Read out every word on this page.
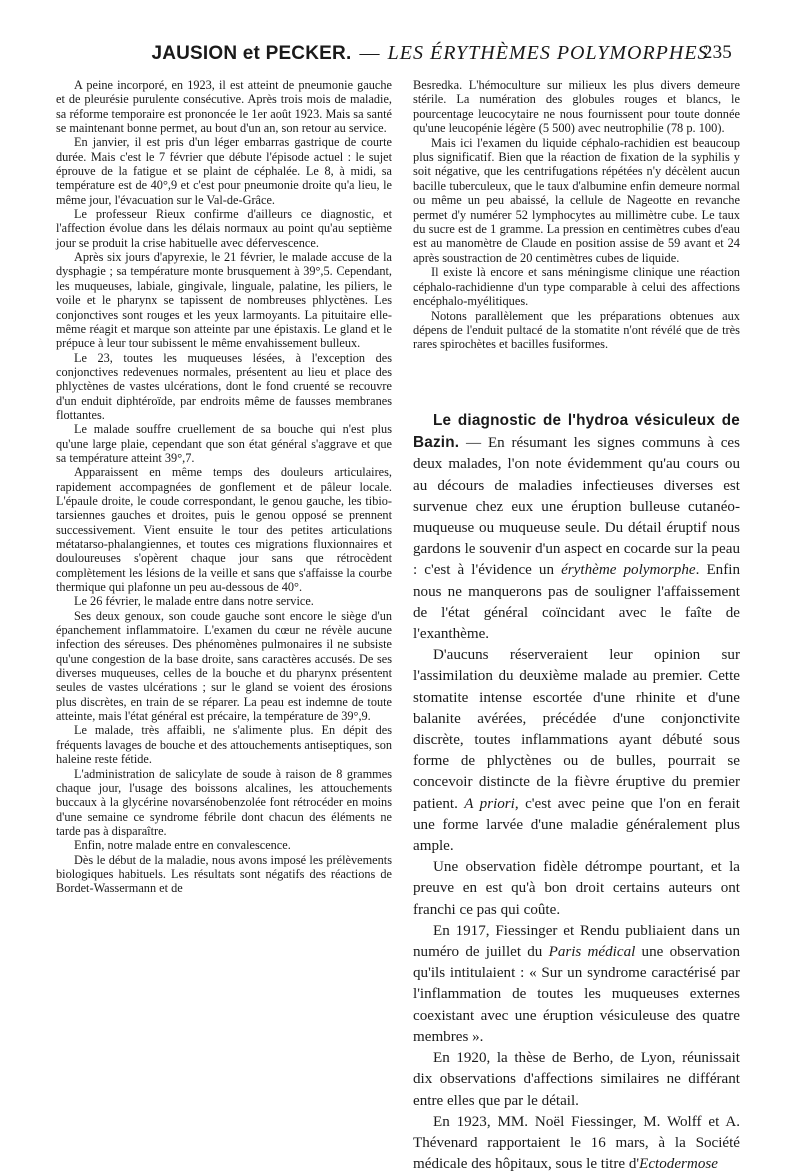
JAUSION et PECKER. — LES ÉRYTHÈMES POLYMORPHES
235

A peine incorporé, en 1923, il est atteint de pneumonie gauche et de pleurésie purulente consécutive. Après trois mois de maladie, sa réforme temporaire est prononcée le 1er août 1923. Mais sa santé se maintenant bonne permet, au bout d'un an, son retour au service.

En janvier, il est pris d'un léger embarras gastrique de courte durée. Mais c'est le 7 février que débute l'épisode actuel : le sujet éprouve de la fatigue et se plaint de céphalée. Le 8, à midi, sa température est de 40°,9 et c'est pour pneumonie droite qu'a lieu, le même jour, l'évacuation sur le Val-de-Grâce.

Le professeur Rieux confirme d'ailleurs ce diagnostic, et l'affection évolue dans les délais normaux au point qu'au septième jour se produit la crise habituelle avec défervescence.

Après six jours d'apyrexie, le 21 février, le malade accuse de la dysphagie ; sa température monte brusquement à 39°,5. Cependant, les muqueuses, labiale, gingivale, linguale, palatine, les piliers, le voile et le pharynx se tapissent de nombreuses phlyctènes. Les conjonctives sont rouges et les yeux larmoyants. La pituitaire elle-même réagit et marque son atteinte par une épistaxis. Le gland et le prépuce à leur tour subissent le même envahissement bulleux.

Le 23, toutes les muqueuses lésées, à l'exception des conjonctives redevenues normales, présentent au lieu et place des phlyctènes de vastes ulcérations, dont le fond cruenté se recouvre d'un enduit diphtéroïde, par endroits même de fausses membranes flottantes.

Le malade souffre cruellement de sa bouche qui n'est plus qu'une large plaie, cependant que son état général s'aggrave et que sa température atteint 39°,7.

Apparaissent en même temps des douleurs articulaires, rapidement accompagnées de gonflement et de pâleur locale. L'épaule droite, le coude correspondant, le genou gauche, les tibio-tarsiennes gauches et droites, puis le genou opposé se prennent successivement. Vient ensuite le tour des petites articulations métatarso-phalangiennes, et toutes ces migrations fluxionnaires et douloureuses s'opèrent chaque jour sans que rétrocèdent complètement les lésions de la veille et sans que s'affaisse la courbe thermique qui plafonne un peu au-dessous de 40°.

Le 26 février, le malade entre dans notre service.

Ses deux genoux, son coude gauche sont encore le siège d'un épanchement inflammatoire. L'examen du cœur ne révèle aucune infection des séreuses. Des phénomènes pulmonaires il ne subsiste qu'une congestion de la base droite, sans caractères accusés. De ses diverses muqueuses, celles de la bouche et du pharynx présentent seules de vastes ulcérations ; sur le gland se voient des érosions plus discrètes, en train de se réparer. La peau est indemne de toute atteinte, mais l'état général est précaire, la température de 39°,9.

Le malade, très affaibli, ne s'alimente plus. En dépit des fréquents lavages de bouche et des attouchements antiseptiques, son haleine reste fétide.

L'administration de salicylate de soude à raison de 8 grammes chaque jour, l'usage des boissons alcalines, les attouchements buccaux à la glycérine novarsénobenzolée font rétrocéder en moins d'une semaine ce syndrome fébrile dont chacun des éléments ne tarde pas à disparaître.

Enfin, notre malade entre en convalescence.

Dès le début de la maladie, nous avons imposé les prélèvements biologiques habituels. Les résultats sont négatifs des réactions de Bordet-Wassermann et de

Besredka. L'hémoculture sur milieux les plus divers demeure stérile. La numération des globules rouges et blancs, le pourcentage leucocytaire ne nous fournissent pour toute donnée qu'une leucopénie légère (5 500) avec neutrophilie (78 p. 100).

Mais ici l'examen du liquide céphalo-rachidien est beaucoup plus significatif. Bien que la réaction de fixation de la syphilis y soit négative, que les centrifugations répétées n'y décèlent aucun bacille tuberculeux, que le taux d'albumine enfin demeure normal ou même un peu abaissé, la cellule de Nageotte en revanche permet d'y numérer 52 lymphocytes au millimètre cube. Le taux du sucre est de 1 gramme. La pression en centimètres cubes d'eau est au manomètre de Claude en position assise de 59 avant et 24 après soustraction de 20 centimètres cubes de liquide.

Il existe là encore et sans méningisme clinique une réaction céphalo-rachidienne d'un type comparable à celui des affections encéphalo-myélitiques.

Notons parallèlement que les préparations obtenues aux dépens de l'enduit pultacé de la stomatite n'ont révélé que de très rares spirochètes et bacilles fusiformes.

Le diagnostic de l'hydroa vésiculeux de Bazin. — En résumant les signes communs à ces deux malades, l'on note évidemment qu'au cours ou au décours de maladies infectieuses diverses est survenue chez eux une éruption bulleuse cutanéo-muqueuse ou muqueuse seule. Du détail éruptif nous gardons le souvenir d'un aspect en cocarde sur la peau : c'est à l'évidence un érythème polymorphe. Enfin nous ne manquerons pas de souligner l'affaissement de l'état général coïncidant avec le faîte de l'exanthème.

D'aucuns réserveraient leur opinion sur l'assimilation du deuxième malade au premier. Cette stomatite intense escortée d'une rhinite et d'une balanite avérées, précédée d'une conjonctivite discrète, toutes inflammations ayant débuté sous forme de phlyctènes ou de bulles, pourrait se concevoir distincte de la fièvre éruptive du premier patient. A priori, c'est avec peine que l'on en ferait une forme larvée d'une maladie généralement plus ample.

Une observation fidèle détrompe pourtant, et la preuve en est qu'à bon droit certains auteurs ont franchi ce pas qui coûte.

En 1917, Fiessinger et Rendu publiaient dans un numéro de juillet du Paris médical une observation qu'ils intitulaient : « Sur un syndrome caractérisé par l'inflammation de toutes les muqueuses externes coexistant avec une éruption vésiculeuse des quatre membres ».

En 1920, la thèse de Berho, de Lyon, réunissait dix observations d'affections similaires ne différant entre elles que par le détail.

En 1923, MM. Noël Fiessinger, M. Wolff et A. Thévenard rapportaient le 16 mars, à la Société médicale des hôpitaux, sous le titre d'Ectodermose
